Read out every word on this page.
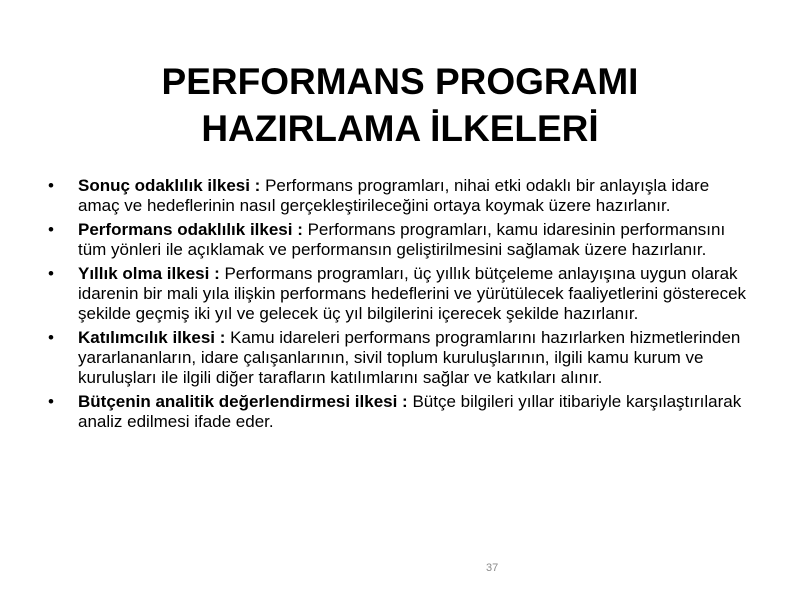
PERFORMANS PROGRAMI
HAZIRLAMA İLKELERİ
• Sonuç odaklılık ilkesi : Performans programları, nihai etki odaklı bir anlayışla idare amaç ve hedeflerinin nasıl gerçekleştirileceğini ortaya koymak üzere hazırlanır.
• Performans odaklılık ilkesi : Performans programları, kamu idaresinin performansını tüm yönleri ile açıklamak ve performansın geliştirilmesini sağlamak üzere hazırlanır.
• Yıllık olma ilkesi : Performans programları, üç yıllık bütçeleme anlayışına uygun olarak idarenin bir mali yıla ilişkin performans hedeflerini ve yürütülecek faaliyetlerini gösterecek şekilde geçmiş iki yıl ve gelecek üç yıl bilgilerini içerecek şekilde hazırlanır.
• Katılımcılık ilkesi : Kamu idareleri performans programlarını hazırlarken hizmetlerinden yararlananların, idare çalışanlarının, sivil toplum kuruluşlarının, ilgili kamu kurum ve kuruluşları ile ilgili diğer tarafların katılımlarını sağlar ve katkıları alınır.
• Bütçenin analitik değerlendirmesi ilkesi : Bütçe bilgileri yıllar itibariyle karşılaştırılarak analiz edilmesi ifade eder.
37
